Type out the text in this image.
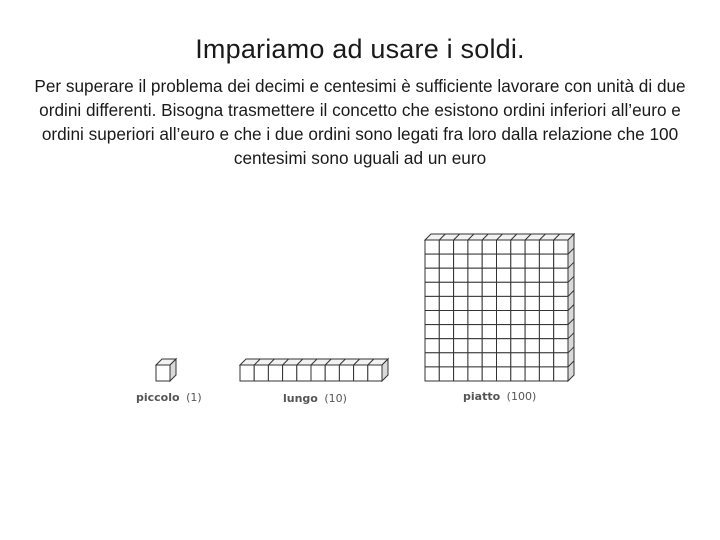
Impariamo ad usare i soldi.

Per superare il problema dei decimi e centesimi è sufficiente lavorare con unità di due ordini differenti. Bisogna trasmettere il concetto che esistono ordini inferiori all’euro e ordini superiori all’euro e che i due ordini sono legati fra loro dalla relazione che 100 centesimi sono uguali ad un euro

piccolo (1)	lungo (10)	piatto (100)
